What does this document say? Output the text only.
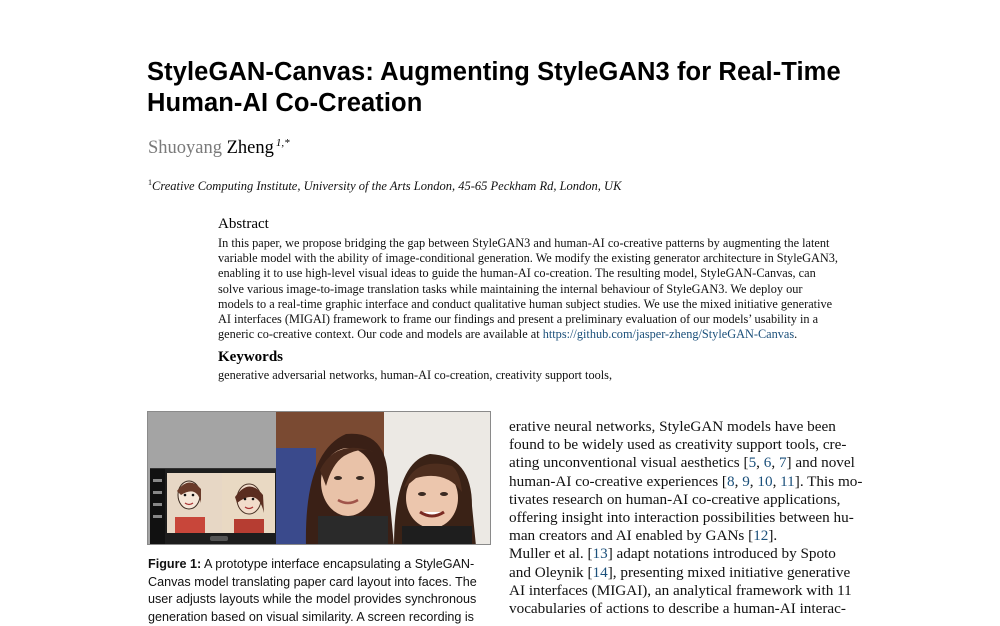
StyleGAN-Canvas: Augmenting StyleGAN3 for Real-Time
Human-AI Co-Creation
Shuoyang Zheng $^{1,*}$
$^1$Creative Computing Institute, University of the Arts London, 45-65 Peckham Rd, London, UK
Abstract
In this paper, we propose bridging the gap between StyleGAN3 and human-AI co-creative patterns by augmenting the latent
variable model with the ability of image-conditional generation. We modify the existing generator architecture in StyleGAN3,
enabling it to use high-level visual ideas to guide the human-AI co-creation. The resulting model, StyleGAN-Canvas, can
solve various image-to-image translation tasks while maintaining the internal behaviour of StyleGAN3. We deploy our
models to a real-time graphic interface and conduct qualitative human subject studies. We use the mixed initiative generative
AI interfaces (MIGAI) framework to frame our findings and present a preliminary evaluation of our models’ usability in a
generic co-creative context. Our code and models are available at https://github.com/jasper-zheng/StyleGAN-Canvas.
Keywords
generative adversarial networks, human-AI co-creation, creativity support tools,
Figure 1: A prototype interface encapsulating a StyleGAN-
Canvas model translating paper card layout into faces. The
user adjusts layouts while the model provides synchronous
generation based on visual similarity. A screen recording is
erative neural networks, StyleGAN models have been
found to be widely used as creativity support tools, cre-
ating unconventional visual aesthetics [5, 6, 7] and novel
human-AI co-creative experiences [8, 9, 10, 11]. This mo-
tivates research on human-AI co-creative applications,
offering insight into interaction possibilities between hu-
man creators and AI enabled by GANs [12].
Muller et al. [13] adapt notations introduced by Spoto
and Oleynik [14], presenting mixed initiative generative
AI interfaces (MIGAI), an analytical framework with 11
vocabularies of actions to describe a human-AI interac-
